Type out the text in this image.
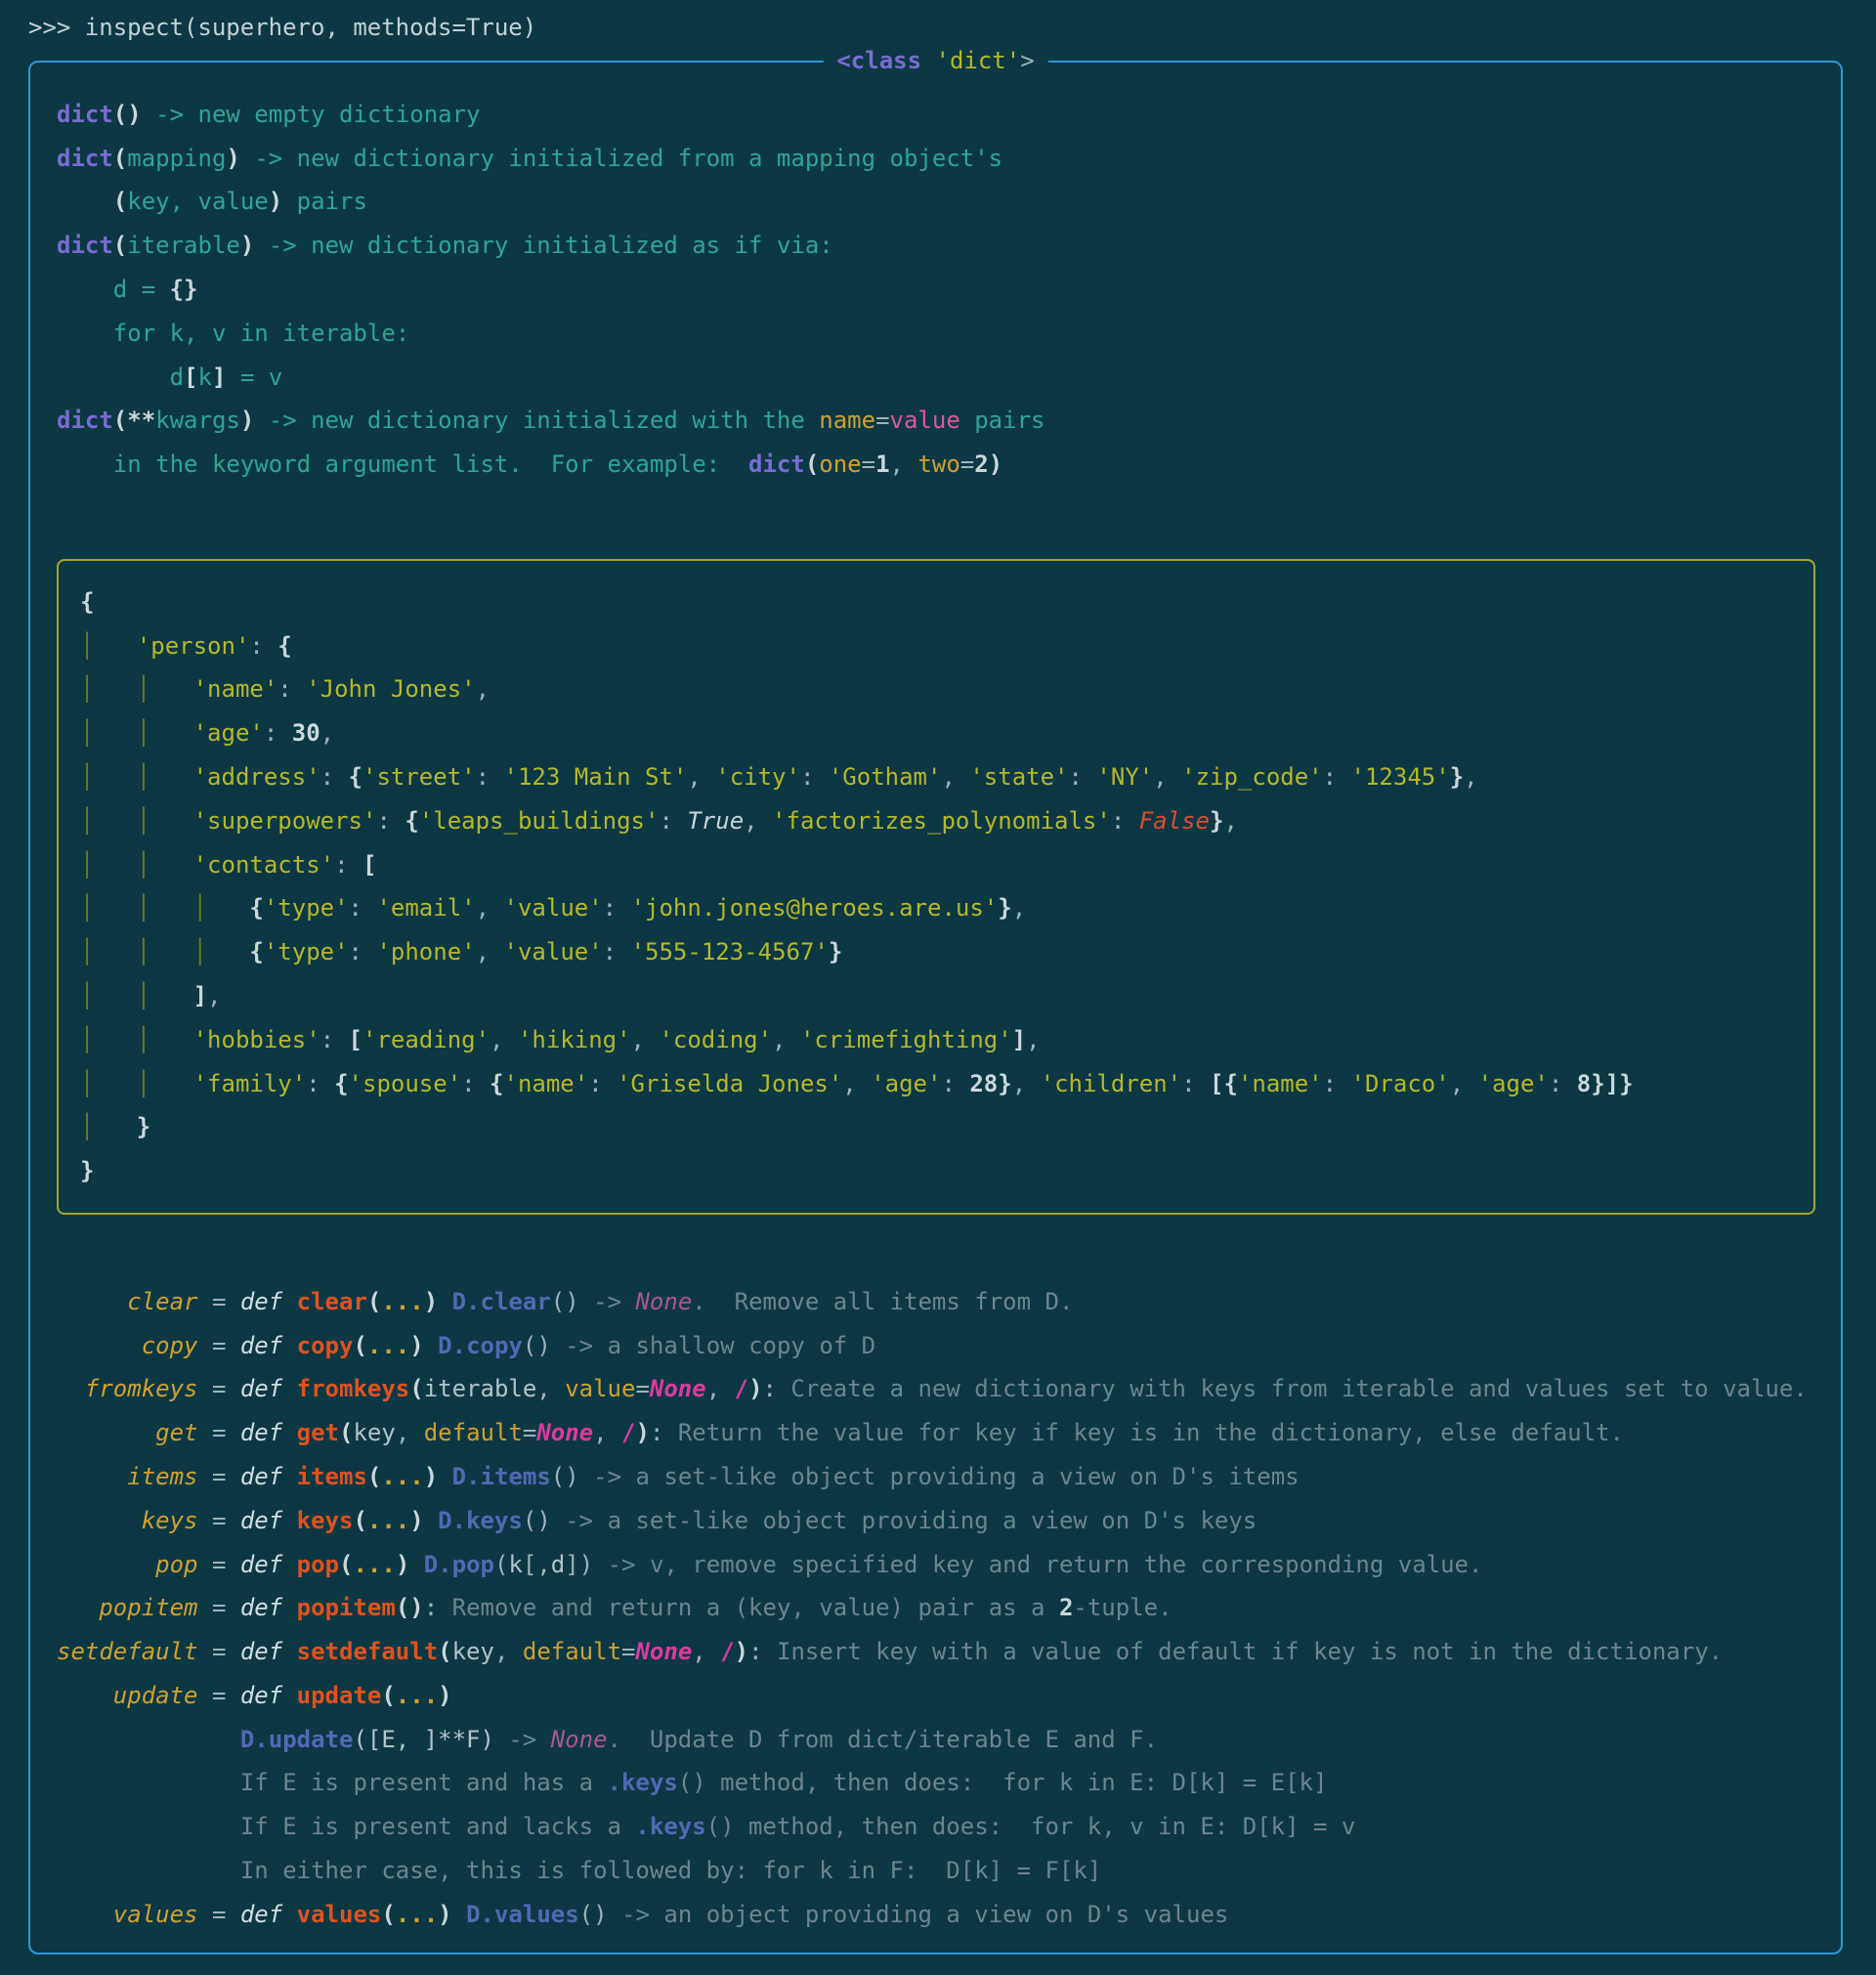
>>> inspect(superhero, methods=True)
<class 'dict'>
dict() -> new empty dictionary
dict(mapping) -> new dictionary initialized from a mapping object's
(key, value) pairs
dict(iterable) -> new dictionary initialized as if via:
d = {}
for k, v in iterable:
d[k] = v
dict(**kwargs) -> new dictionary initialized with the name=value pairs
in the keyword argument list.  For example:  dict(one=1, two=2)
{
│   'person': {
│   │   'name': 'John Jones',
│   │   'age': 30,
│   │   'address': {'street': '123 Main St', 'city': 'Gotham', 'state': 'NY', 'zip_code': '12345'},
│   │   'superpowers': {'leaps_buildings': True, 'factorizes_polynomials': False},
│   │   'contacts': [
│   │   │   {'type': 'email', 'value': 'john.jones@heroes.are.us'},
│   │   │   {'type': 'phone', 'value': '555-123-4567'}
│   │   ],
│   │   'hobbies': ['reading', 'hiking', 'coding', 'crimefighting'],
│   │   'family': {'spouse': {'name': 'Griselda Jones', 'age': 28}, 'children': [{'name': 'Draco', 'age': 8}]}
│   }
}
clear = def clear(...) D.clear() -> None.  Remove all items from D.
copy = def copy(...) D.copy() -> a shallow copy of D
fromkeys = def fromkeys(iterable, value=None, /): Create a new dictionary with keys from iterable and values set to value.
get = def get(key, default=None, /): Return the value for key if key is in the dictionary, else default.
items = def items(...) D.items() -> a set-like object providing a view on D's items
keys = def keys(...) D.keys() -> a set-like object providing a view on D's keys
pop = def pop(...) D.pop(k[,d]) -> v, remove specified key and return the corresponding value.
popitem = def popitem(): Remove and return a (key, value) pair as a 2-tuple.
setdefault = def setdefault(key, default=None, /): Insert key with a value of default if key is not in the dictionary.
update = def update(...)
D.update([E, ]**F) -> None.  Update D from dict/iterable E and F.
If E is present and has a .keys() method, then does:  for k in E: D[k] = E[k]
If E is present and lacks a .keys() method, then does:  for k, v in E: D[k] = v
In either case, this is followed by: for k in F:  D[k] = F[k]
values = def values(...) D.values() -> an object providing a view on D's values
